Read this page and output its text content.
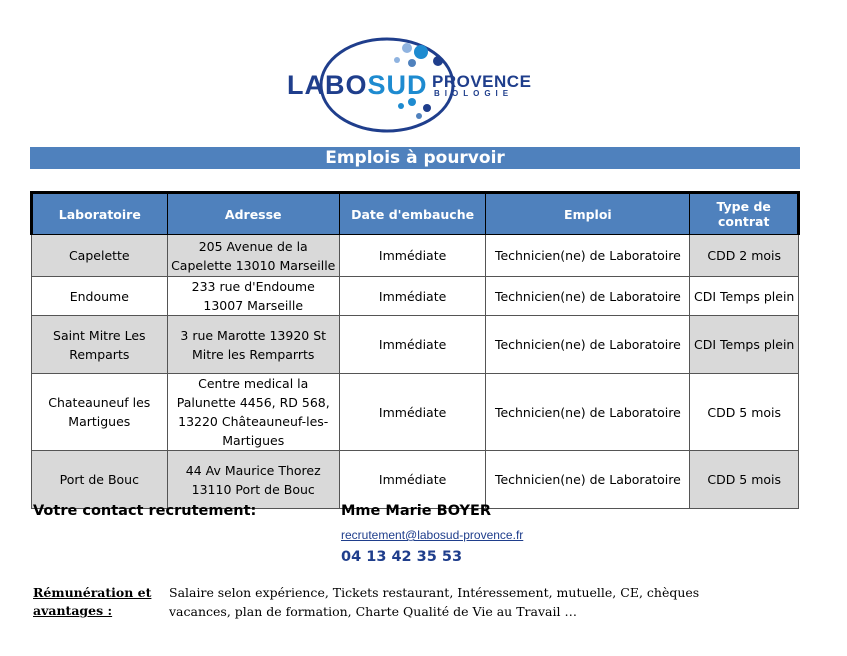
LABOSUD PROVENCE
BIOLOGIE
Emplois à pourvoir
Laboratoire	Adresse	Date d'embauche	Emploi	Type de contrat
Capelette	205 Avenue de la Capelette 13010 Marseille	Immédiate	Technicien(ne) de Laboratoire	CDD 2 mois
Endoume	233 rue d'Endoume 13007 Marseille	Immédiate	Technicien(ne) de Laboratoire	CDI Temps plein
Saint Mitre Les Remparts	3 rue Marotte 13920 St Mitre les Remparrts	Immédiate	Technicien(ne) de Laboratoire	CDI Temps plein
Chateauneuf les Martigues	Centre medical la Palunette 4456, RD 568, 13220 Châteauneuf-les-Martigues	Immédiate	Technicien(ne) de Laboratoire	CDD 5 mois
Port de Bouc	44 Av Maurice Thorez 13110 Port de Bouc	Immédiate	Technicien(ne) de Laboratoire	CDD 5 mois
Votre contact recrutement:	Mme Marie BOYER
recrutement@labosud-provence.fr
04 13 42 35 53
Rémunération et avantages :
Salaire selon expérience, Tickets restaurant, Intéressement, mutuelle, CE, chèques vacances, plan de formation, Charte Qualité de Vie au Travail …
